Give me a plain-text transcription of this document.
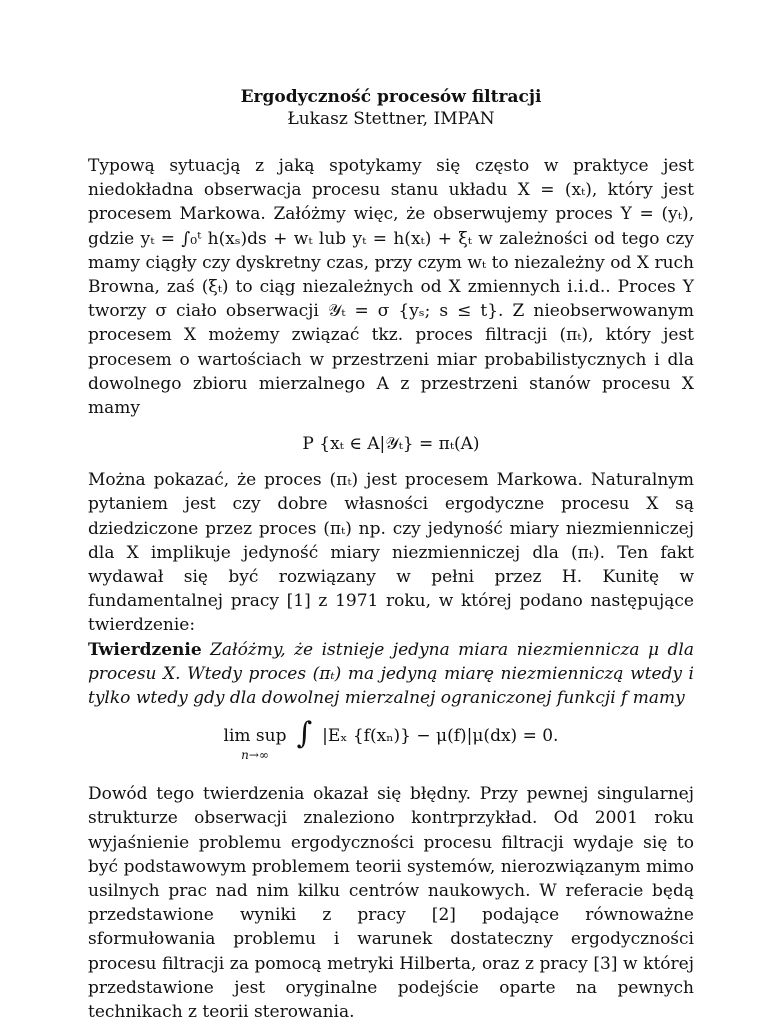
Ergodyczność procesów filtracji
Łukasz Stettner, IMPAN

Typową sytuacją z jaką spotykamy się często w praktyce jest niedokładna obserwacja procesu stanu układu X = (xₜ), który jest procesem Markowa. Załóżmy więc, że obserwujemy proces Y = (yₜ), gdzie yₜ = ∫₀ᵗ h(xₛ)ds + wₜ lub yₜ = h(xₜ) + ξₜ w zależności od tego czy mamy ciągły czy dyskretny czas, przy czym wₜ to niezależny od X ruch Browna, zaś (ξₜ) to ciąg niezależnych od X zmiennych i.i.d.. Proces Y tworzy σ ciało obserwacji 𝒴ₜ = σ {yₛ; s ≤ t}. Z nieobserwowanym procesem X możemy związać tkz. proces filtracji (πₜ), który jest procesem o wartościach w przestrzeni miar probabilistycznych i dla dowolnego zbioru mierzalnego A z przestrzeni stanów procesu X mamy

P {xₜ ∈ A|𝒴ₜ} = πₜ(A)

Można pokazać, że proces (πₜ) jest procesem Markowa. Naturalnym pytaniem jest czy dobre własności ergodyczne procesu X są dziedziczone przez proces (πₜ) np. czy jedyność miary niezmienniczej dla X implikuje jedyność miary niezmienniczej dla (πₜ). Ten fakt wydawał się być rozwiązany w pełni przez H. Kunitę w fundamentalnej pracy [1] z 1971 roku, w której podano następujące twierdzenie:

Twierdzenie Załóżmy, że istnieje jedyna miara niezmiennicza μ dla procesu X. Wtedy proces (πₜ) ma jedyną miarę niezmienniczą wtedy i tylko wtedy gdy dla dowolnej mierzalnej ograniczonej funkcji f mamy

lim sup
n→∞
∫ |Eₓ {f(xₙ)} − μ(f)|μ(dx) = 0.

Dowód tego twierdzenia okazał się błędny. Przy pewnej singularnej strukturze obserwacji znaleziono kontrprzykład. Od 2001 roku wyjaśnienie problemu ergodyczności procesu filtracji wydaje się to być podstawowym problemem teorii systemów, nierozwiązanym mimo usilnych prac nad nim kilku centrów naukowych. W referacie będą przedstawione wyniki z pracy [2] podające równoważne sformułowania problemu i warunek dostateczny ergodyczności procesu filtracji za pomocą metryki Hilberta, oraz z pracy [3] w której przedstawione jest oryginalne podejście oparte na pewnych technikach z teorii sterowania.
